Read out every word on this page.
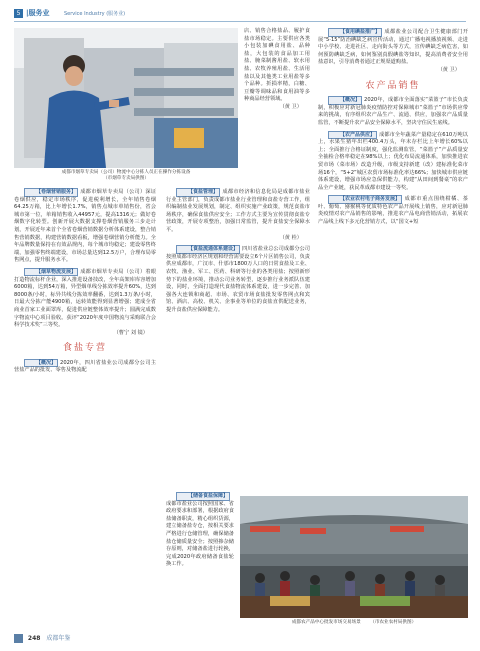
5 |服务业	Service Industry (服务业)
成都市烟草专卖局（公司）物流中心分拣人员正在操作分拣设备
（市烟草专卖局供图）

店、销售合格盐品、履护食盐市场稳定。主要供应各类小包装加碘食用盐、品种盐，大包装的食品加工用盐、腌菜制酱用盐、软水用盐、农牧养殖用盐、生活用盐以及其他类工业用盐等多个品种。折损率精，白糖、豆瓣等调味品和食用油等多种商品经营领域。

（黄 卫）

【卷烟营销服务】 成都市烟草专卖局（公司）深证卷烟供应，稳定市场秩序，促进税利增长，全年销售卷烟64.25万箱，比上年增长1.7%，销售点城市单销售份，省会城市第一位，单箱销售收入44957元，提高1316元；做好卷烟数字化转型。创新开展大数据支撑卷烟营销服务三步走计划，开展近年来首个全省卷烟营销数据分析体系建设，整合销售营销数据，构建营销数据看板，增强卷烟营销分析能力。全年品牌数量保持在有效品规内，每个城市均稳定；建设零售终端，加强零售终端建设，市场总量达到12.5万户，合理布局零售网点，提升服务水平。

【烟草物流发展】 成都市烟草专卖局（公司）着眼打造物流标杆企业，深入推进设备技改，全年高架库库容增加6000箱，达到54万箱，异型烟单线分拣效率提升60%，达到8000条/小时，标异共线分拣效率翻番，达到1.3万条/小时，日最大分拣产能4900箱，运转效能得到显著增强；建成全省商业首家工业面罩库，促进供应链整体效率提升；圆满完成数字物流中心项目验收。获评“2020年度中国物流与采购联合会科学技术奖”三等奖。

（曹宁 刘 镜）

食盐专营

【概况】 2020年，四川省盐业公司成都分公司主营盐产品的批发、零售及物流配

【食盐管理】 成都市经济和信息化局是成都市盐业行业主管部门，负责成都市盐业行业管理和食盐专营工作，组织编制盐业发展规划，制定、组织实施产业政策，规范食盐市场秩序，确保食盐供应安全；工作方式主要为宣传贯彻食盐专营政策，开展专项整治，加强日常监管，提升食盐安全保障水平。

（黄 栓）

【食盐流通体系建设】 四川省盐业总公司成都分公司按照成都市经济区规划和经营需要设立6个片区销售公司，负责供应成都市，广汉市、什邡市1800万人口的日常食盐及工业、农牧、渔业、军工、医药、科研等行业的各类用盐；按照新形势下的盐业环境，推动公司业务转型，逐步推行业务派队伍建设，同时，全面打造现代食盐物流体系建设，进一步完善、加强各大连锁和商超、市场、农贸市场食盐批发零售网点和宾馆、酒店、高校、机关、企事业等单位的食盐直供配送业务，提升食盐供应保障能力。

【储备食盐保障】成都市盐业公司按照国家、省政府要求和部署，根据政府食盐储备职责，精心组织货源，建立储备盐专仓，按相关要求严格进行仓储管理，确保储备盐仓储质量安全；按照掺杂储存原则，对储备盐进行轮换，完成2020年政府储备食盐轮换工作。

【食用碘盐推广】 成都盐业公司配合卫生健康部门开展“5·15”防治碘缺乏病宣传活动，通过广播电视播放视频、走进中小学校、走进社区、走向街头等方式，宣传碘缺乏病危害，如何预防碘缺乏病，如何鉴别真假碘盐等知识，提高消费者安全用盐意识，引导消费者通过正规渠道购盐。

（黄 卫）

农产品销售

【概况】 2020年，成都市全面落实“菜篮子”市长负责制，积极应对新冠肺炎疫情防控对保障城市“菜篮子”市场供应带来的挑战，有序组织农产品生产、流通、供应，加强农产品质量监管，不断提升农产品安全保障水平，坚决守住民生底线。

【农产品供应】 成都市全年蔬菜产量稳定在610万吨以上，水果生猪年出栏400.4万头，年末存栏比上年增长60%以上；全面推行合格证制度，强化监测监管，“菜篮子”产品质量安全抽检合格率稳定在98%以上；优化布局流通体系，加快推进农贸市场（菜市场）改造升级，市级支持新建（改）建标准化菜市场16个，“5+2”城区农贸市场标准化率达66%；加快城市供应链体系建设，增强市场应急保供能力，构建“从田间到餐桌”的农产品全产业链，获民革成都市建设一等奖。

【农业农村电子商务发展】 成都市重点围绕柑橘、茶叶、葡萄、猕猴桃等优质特色农产品开展线上销售，应对新冠肺炎疫情对农产品销售的影响，推进农产品电商营销活动，拓展农产品线上线下多元化营销方式，以“国文+短

成都农产品中心批发市场交易场景 （市农业农村局供图）
248 成都年鉴
